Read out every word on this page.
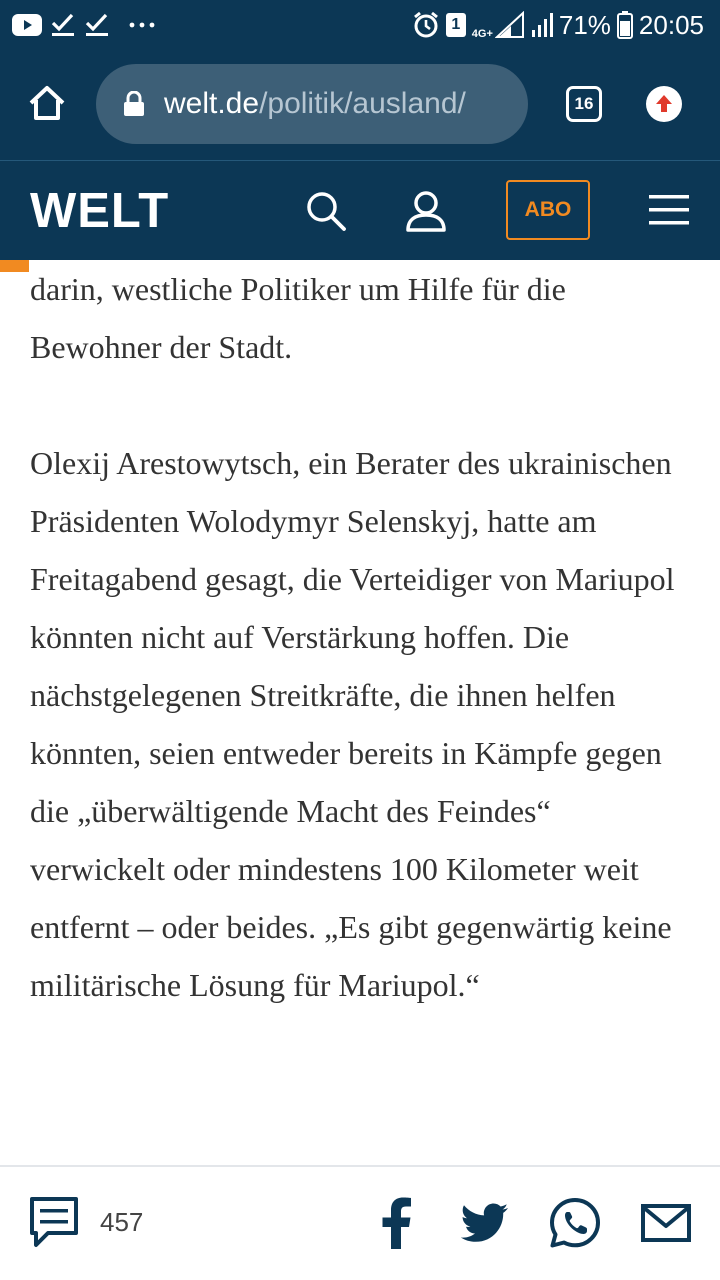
1
4G+	71% 20:05
welt.de/politik/ausland/	16
WELT	ABO

darin, westliche Politiker um Hilfe für die Bewohner der Stadt.

Olexij Arestowytsch, ein Berater des ukrainischen Präsidenten Wolodymyr Selenskyj, hatte am Freitagabend gesagt, die Verteidiger von Mariupol könnten nicht auf Verstärkung hoffen. Die nächstgelegenen Streitkräfte, die ihnen helfen könnten, seien entweder bereits in Kämpfe gegen die „überwältigende Macht des Feindes“ verwickelt oder mindestens 100 Kilometer weit entfernt – oder beides. „Es gibt gegenwärtig keine militärische Lösung für Mariupol.“

457
